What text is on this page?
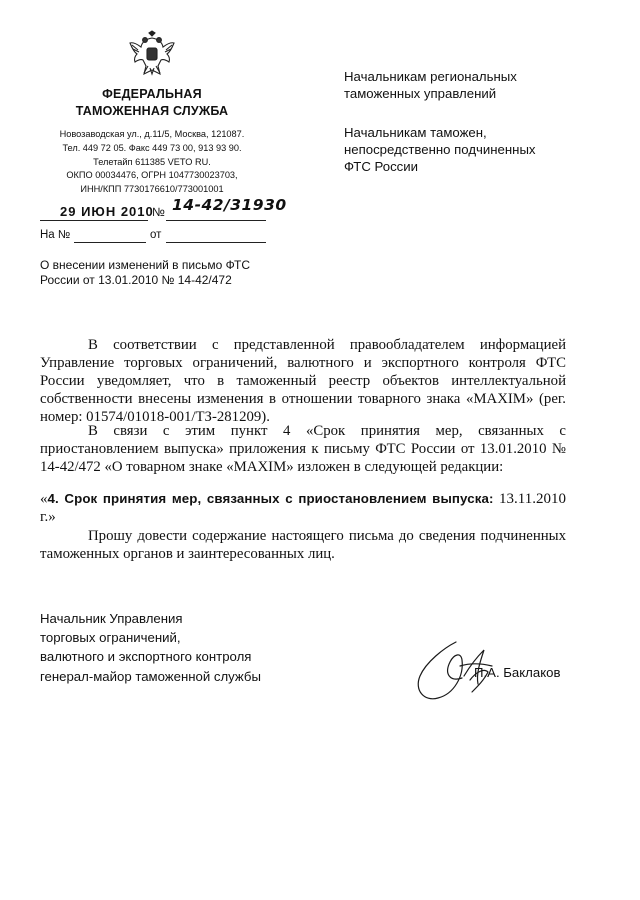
ФЕДЕРАЛЬНАЯ
ТАМОЖЕННАЯ СЛУЖБА
Новозаводская ул., д.11/5, Москва, 121087.
Тел. 449 72 05. Факс 449 73 00, 913 93 90.
Телетайп 611385 VETO RU.
ОКПО 00034476, ОГРН 1047730023703,
ИНН/КПП 7730176610/773001001
Начальникам региональных
таможенных управлений
Начальникам таможен,
непосредственно подчиненных
ФТС России
29 ИЮН 2010
№ 14-42/31930
На №	от
О внесении изменений в письмо ФТС
России от 13.01.2010 № 14-42/472
В соответствии с представленной правообладателем информацией Управление торговых ограничений, валютного и экспортного контроля ФТС России уведомляет, что в таможенный реестр объектов интеллектуальной собственности внесены изменения в отношении товарного знака «MAXIM» (рег. номер: 01574/01018-001/ТЗ-281209).
В связи с этим пункт 4 «Срок принятия мер, связанных с приостановлением выпуска» приложения к письму ФТС России от 13.01.2010 № 14-42/472 «О товарном знаке «MAXIM» изложен в следующей редакции:
«4. Срок принятия мер, связанных с приостановлением выпуска: 13.11.2010 г.»
Прошу довести содержание настоящего письма до сведения подчиненных таможенных органов и заинтересованных лиц.
Начальник Управления
торговых ограничений,
валютного и экспортного контроля
генерал-майор таможенной службы	П.А. Баклаков
